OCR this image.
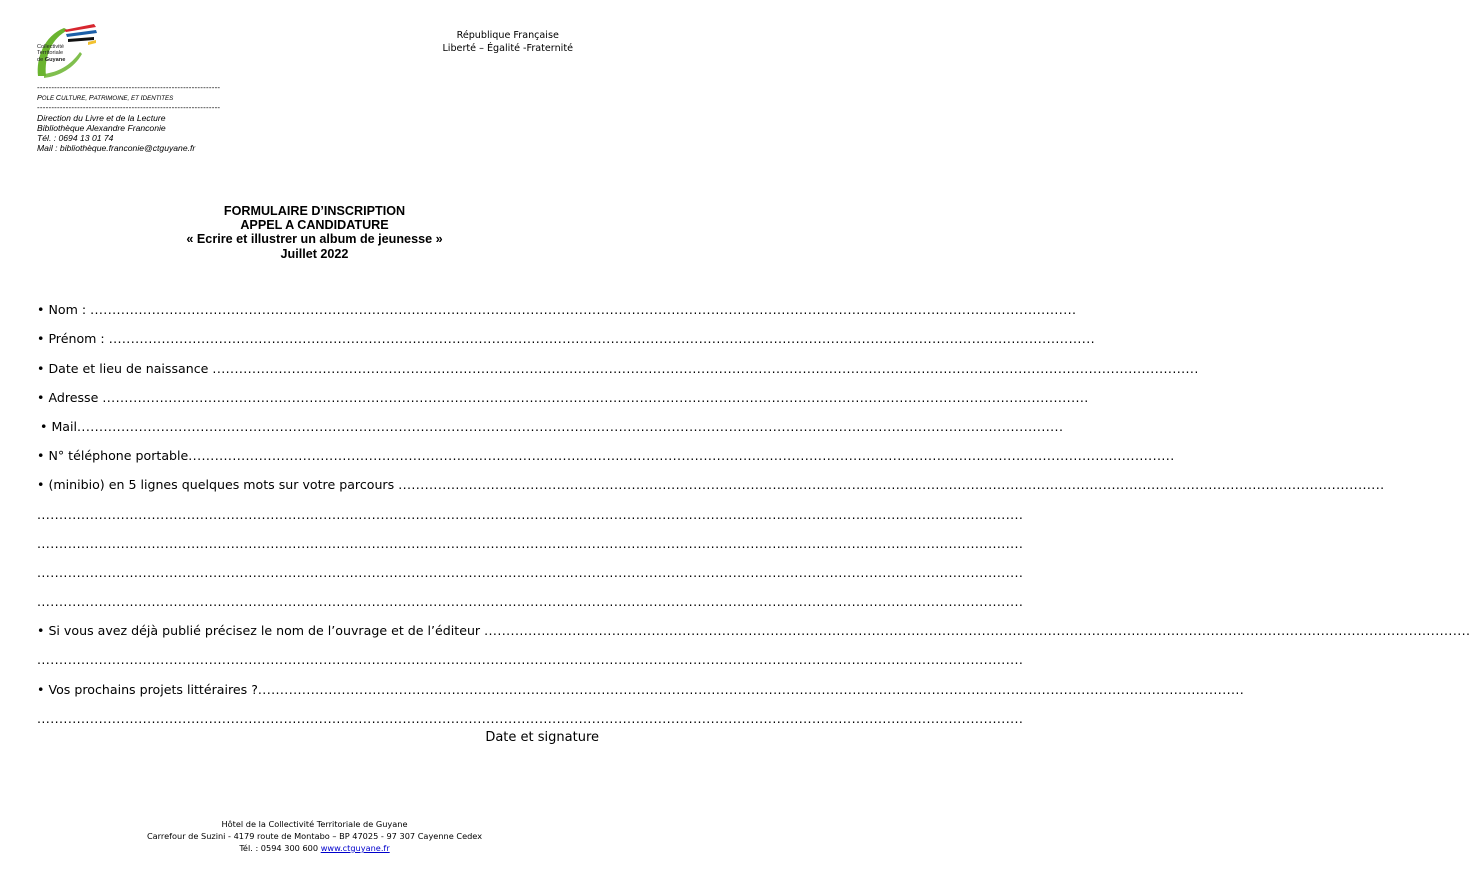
Collectivité
Territoriale
de Guyane
République Française
Liberté – Égalité -Fraternité
----------------------------------------------------------------
POLE CULTURE, PATRIMOINE, ET IDENTITES
----------------------------------------------------------------
Direction du Livre et de la Lecture
Bibliothèque Alexandre Franconie
Tél. : 0694 13 01 74
Mail : bibliothèque.franconie@ctguyane.fr
FORMULAIRE D’INSCRIPTION
APPEL A CANDIDATURE
« Ecrire et illustrer un album de jeunesse »
Juillet 2022
• Nom :
.....
• Prénom :
.....
• Date et lieu de naissance
.....
• Adresse
.....
• Mail
.....
• N° téléphone portable
.....
• (minibio) en 5 lignes quelques mots sur votre parcours
.....
.....
.....
.....
.....
• Si vous avez déjà publié précisez le nom de l’ouvrage et de l’éditeur
.....
.....
• Vos prochains projets littéraires ?
.....
.....
Date et signature
Hôtel de la Collectivité Territoriale de Guyane
Carrefour de Suzini - 4179 route de Montabo – BP 47025 - 97 307 Cayenne Cedex
Tél. : 0594 300 600 www.ctguyane.fr
